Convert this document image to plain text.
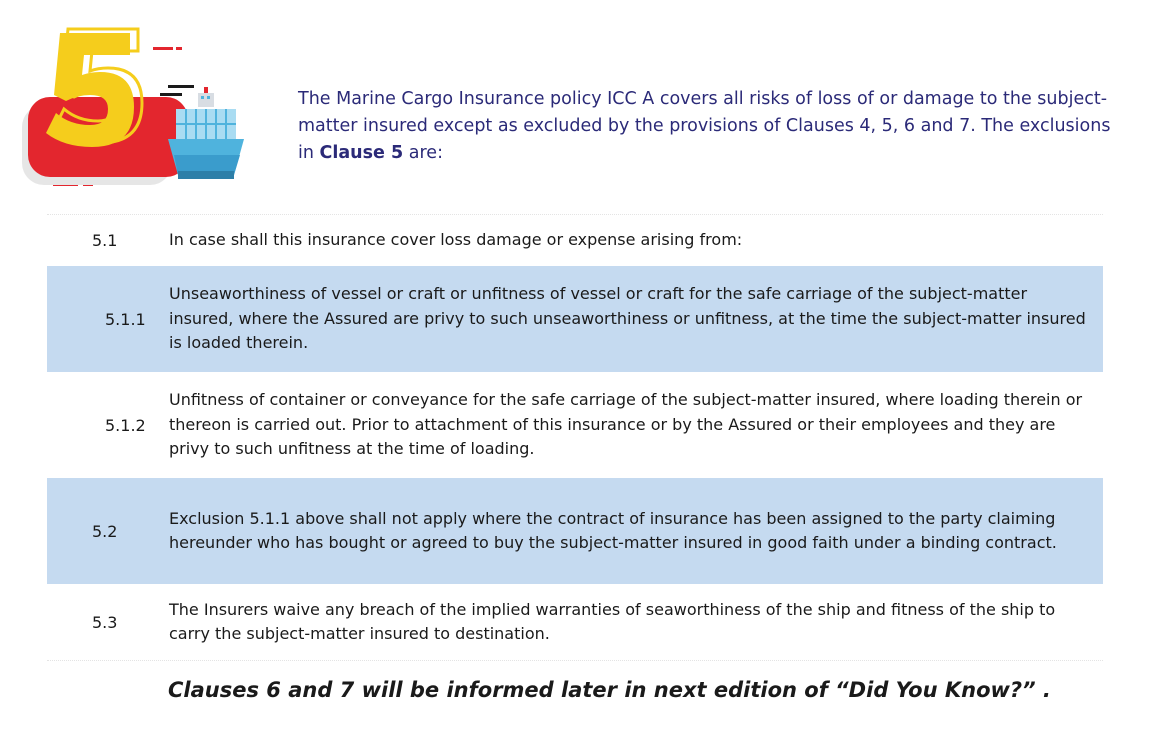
The Marine Cargo Insurance policy ICC A covers all risks of loss of or damage to the subject-matter insured except as excluded by the provisions of Clauses 4, 5, 6 and 7. The exclusions in Clause 5 are:
5.1	In case shall this insurance cover loss damage or expense arising from:
5.1.1
Unseaworthiness of vessel or craft or unfitness of vessel or craft for the safe carriage of the subject-matter insured, where the Assured are privy to such unseaworthiness or unfitness, at the time the subject-matter insured is loaded therein.
5.1.2
Unfitness of container or conveyance for the safe carriage of the subject-matter insured, where loading therein or thereon is carried out. Prior to attachment of this insurance or by the Assured or their employees and they are privy to such unfitness at the time of loading.
5.2
Exclusion 5.1.1 above shall not apply where the contract of insurance has been assigned to the party claiming hereunder who has bought or agreed to buy the subject-matter insured in good faith under a binding contract.
5.3
The Insurers waive any breach of the implied warranties of seaworthiness of the ship and fitness of the ship to carry the subject-matter insured to destination.
Clauses 6 and 7 will be informed later in next edition of “Did You Know?” .
